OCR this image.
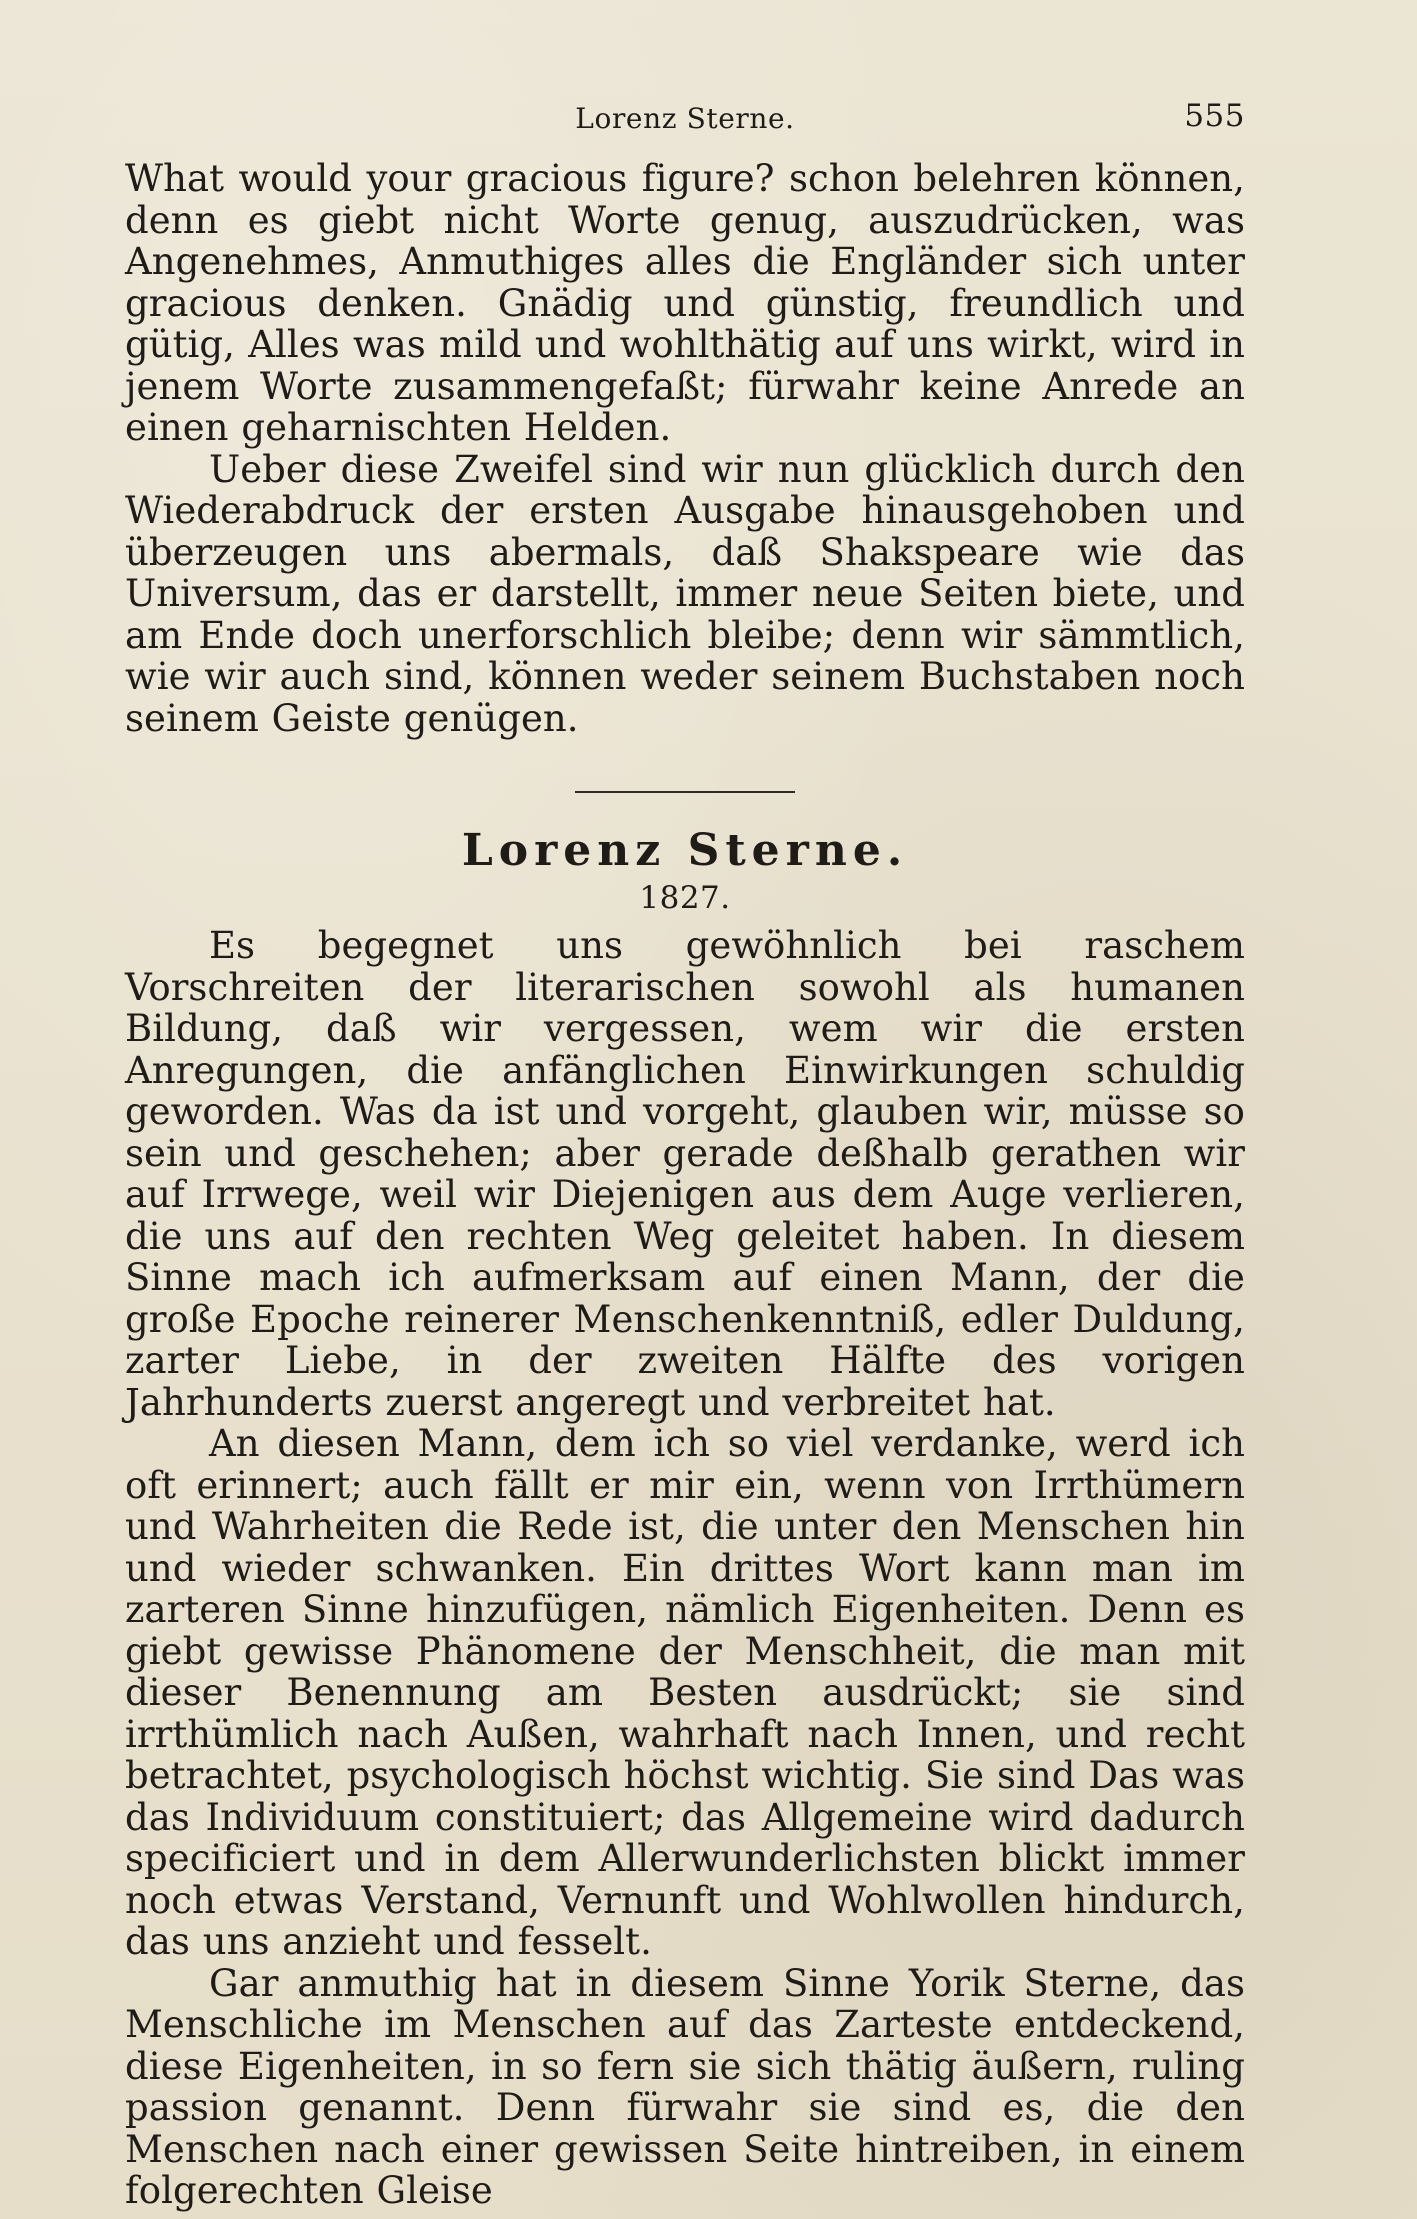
Lorenz Sterne.	555

What would your gracious figure? schon belehren können, denn es giebt nicht Worte genug, auszudrücken, was Angenehmes, Anmuthiges alles die Engländer sich unter gracious denken. Gnädig und günstig, freundlich und gütig, Alles was mild und wohlthätig auf uns wirkt, wird in jenem Worte zusammengefaßt; fürwahr keine Anrede an einen geharnischten Helden.

Ueber diese Zweifel sind wir nun glücklich durch den Wiederabdruck der ersten Ausgabe hinausgehoben und überzeugen uns abermals, daß Shakspeare wie das Universum, das er darstellt, immer neue Seiten biete, und am Ende doch unerforschlich bleibe; denn wir sämmtlich, wie wir auch sind, können weder seinem Buchstaben noch seinem Geiste genügen.

Lorenz Sterne.
1827.

Es begegnet uns gewöhnlich bei raschem Vorschreiten der literarischen sowohl als humanen Bildung, daß wir vergessen, wem wir die ersten Anregungen, die anfänglichen Einwirkungen schuldig geworden. Was da ist und vorgeht, glauben wir, müsse so sein und geschehen; aber gerade deßhalb gerathen wir auf Irrwege, weil wir Diejenigen aus dem Auge verlieren, die uns auf den rechten Weg geleitet haben. In diesem Sinne mach ich aufmerksam auf einen Mann, der die große Epoche reinerer Menschenkenntniß, edler Duldung, zarter Liebe, in der zweiten Hälfte des vorigen Jahrhunderts zuerst angeregt und verbreitet hat.

An diesen Mann, dem ich so viel verdanke, werd ich oft erinnert; auch fällt er mir ein, wenn von Irrthümern und Wahrheiten die Rede ist, die unter den Menschen hin und wieder schwanken. Ein drittes Wort kann man im zarteren Sinne hinzufügen, nämlich Eigenheiten. Denn es giebt gewisse Phänomene der Menschheit, die man mit dieser Benennung am Besten ausdrückt; sie sind irrthümlich nach Außen, wahrhaft nach Innen, und recht betrachtet, psychologisch höchst wichtig. Sie sind Das was das Individuum constituiert; das Allgemeine wird dadurch specificiert und in dem Allerwunderlichsten blickt immer noch etwas Verstand, Vernunft und Wohlwollen hindurch, das uns anzieht und fesselt.

Gar anmuthig hat in diesem Sinne Yorik Sterne, das Menschliche im Menschen auf das Zarteste entdeckend, diese Eigenheiten, in so fern sie sich thätig äußern, ruling passion genannt. Denn fürwahr sie sind es, die den Menschen nach einer gewissen Seite hintreiben, in einem folgerechten Gleise
